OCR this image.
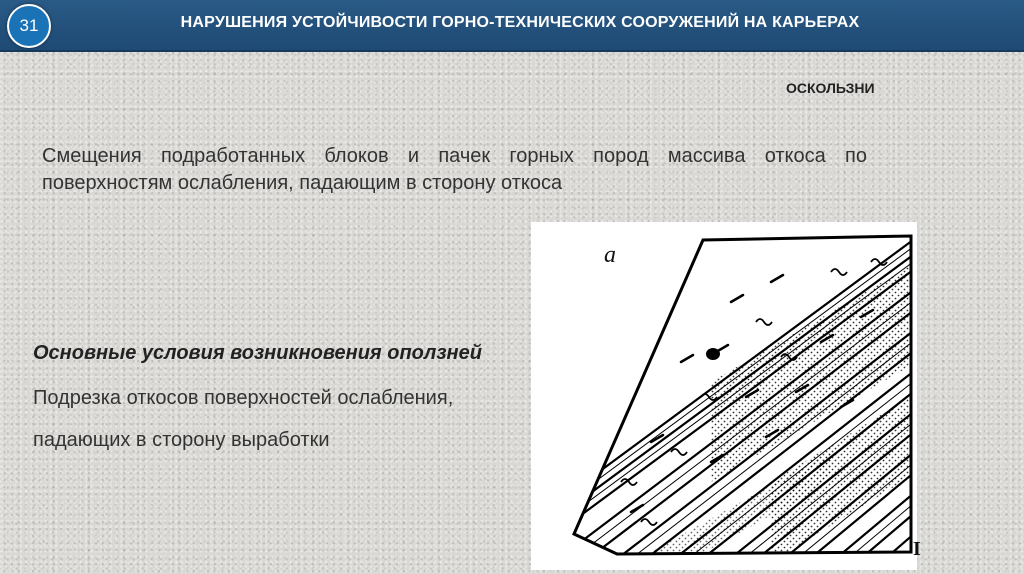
31	НАРУШЕНИЯ УСТОЙЧИВОСТИ ГОРНО-ТЕХНИЧЕСКИХ СООРУЖЕНИЙ НА КАРЬЕРАХ
ОСКОЛЬЗНИ
Смещения подработанных блоков и пачек горных пород массива откоса по поверхностям ослабления, падающим в сторону откоса
Основные условия возникновения оползней
Подрезка откосов поверхностей ослабления,
падающих в сторону выработки
а
I
